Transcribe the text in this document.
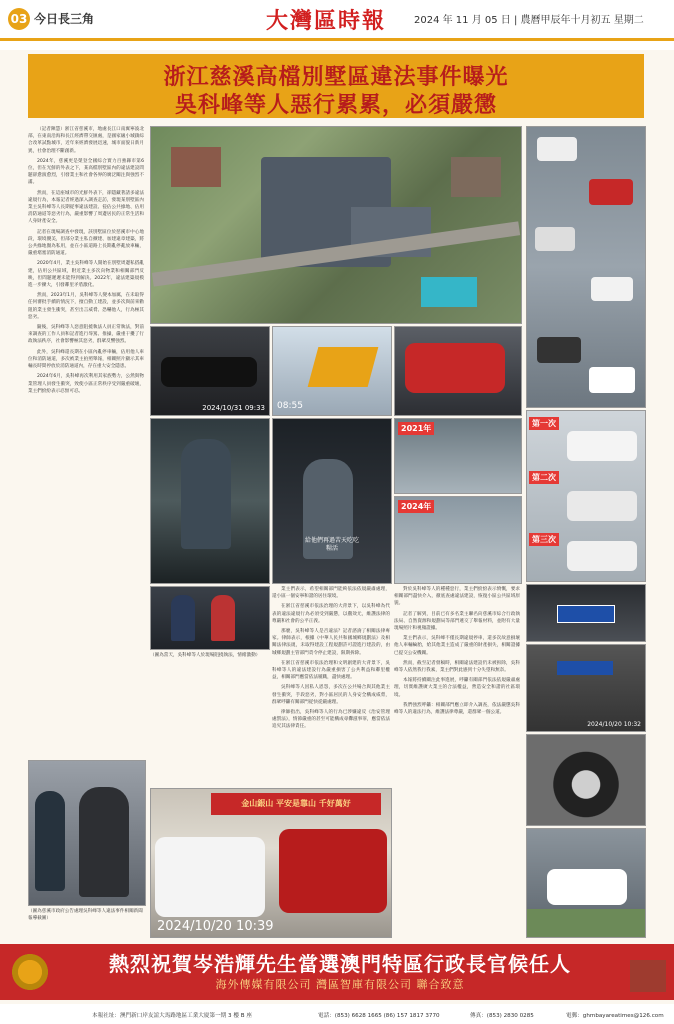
03 今日長三角	大灣區時報	2024 年 11 月 05 日 | 農曆甲辰年十月初五 星期二
浙江慈溪高檔別墅區違法事件曝光
吳科峰等人惡行累累，必須嚴懲

（記者陳慧）浙江省慈溪市，地處長江口南翼寧波北部，在東南沿海和長江經濟帶交匯處，是國家級小城鎮綜合改革試點城市，近年來經濟發展迅速，城市面貌日新月異，社會治理不斷創新。

2024年，慈溪更是榮登全國綜合實力百強縣市第6位，但在光鮮的外表之下，某高檔別墅區內的違法建設問題卻愈演愈烈，引發業主和社會各界的廣泛關注與強烈不滿。

然而，在這座城市的光鮮外表下，卻隱藏著諸多違法違規行為，本報記者經過深入調查走訪，發現某別墅區內業主吳科峰等人長期從事違法建設、侵佔公共綠地、佔用消防通道等惡劣行為，嚴重影響了周邊居民的正常生活和人身財產安全。

記者在現場調查中發現，該別墅區位於慈溪市中心地段，環境優美，但部分業主私自擴建、加建違章建築，將公共綠地圈為私用，並在小區道路上長期亂停亂放車輛，嚴重堵塞消防通道。

2020年4月，業主吳科峰等人開始在別墅周邊私搭亂建，佔用公共區域，附近業主多次向物業和相關部門反映，但問題遲遲未能得到解決。2022年，違法建築規模進一步擴大，引發鄰里矛盾激化。

然而，2023年1月，吳科峰等人變本加厲，在未取得任何審批手續的情況下，擅自動工建設，並多次與前來勸阻的業主發生衝突，甚至出言威脅、恐嚇他人，行為極其惡劣。

隨後，吳科峰等人惡意阻撓執法人員正常執法，對前來調查的工作人員和記者進行辱罵、推搡，嚴重干擾了行政執法秩序，社會影響極其惡劣，群眾反響強烈。

此外，吳科峰還長期在小區內亂停車輛，佔用他人車位和消防通道，多次被業主拍照舉報，相關照片顯示其車輛長時間停放於消防通道內，存在重大安全隱患。

2024年6月，吳科峰再次利用其家族勢力，公然與物業管理人員發生衝突，致使小區正常秩序受到嚴重破壞，業主們紛紛表示忍無可忍。

2024/10/31 09:33 08:55
給他們再過苦天吃吃
糧活
2021年
2024年
第一次
第二次
第三次
2024/10/20 10:32

業主們表示，希望相關部門能夠依法依規嚴肅處理，還小區一個安寧和諧的居住環境。

在浙江省慈溪市依法治理的大背景下，以吳科峰為代表的違法違規行為必須受到嚴懲，以儆效尤，維護法律的尊嚴和社會的公平正義。

那麼，吳科峰等人是否違法？記者諮詢了相關法律專家。律師表示，根據《中華人民共和國城鄉規劃法》及相關法律法規，未取得建設工程規劃許可證進行建設的，由城鄉規劃主管部門責令停止建設，限期拆除。

在浙江省慈溪市依法治理和文明創建的大背景下，吳科峰等人的違法建設行為嚴重損害了公共利益和鄰里權益，相關部門應當依法履職，盡快處理。

吳科峰等人因私人恩怨，多次在公共場合與其他業主發生衝突，手段惡劣，對小區居民的人身安全構成威脅，群眾呼籲有關部門從快從嚴處理。

律師指出，吳科峰等人的行為已涉嫌違反《治安管理處罰法》，情節嚴重的甚至可能構成尋釁滋事罪，應當依法追究其法律責任。

對於吳科峰等人的種種惡行，業主們紛紛表示憤慨，要求相關部門盡快介入，徹底查處違法建設，恢復小區公共區域原貌。

記者了解到，目前已有多名業主聯名向慈溪市綜合行政執法局、自然資源和規劃局等部門遞交了舉報材料，並附有大量現場照片和視頻證據。

業主們表示，吳科峰不僅長期違規停車，還多次故意損壞他人車輛輪胎，給其他業主造成了嚴重的財產損失，相關證據已提交公安機關。

然而，截至記者發稿時，相關違法建設仍未被拆除，吳科峰等人依然我行我素，業主們對此感到十分失望和無奈。

本報將持續關注此事進展，呼籲有關部門依法依規嚴肅處理，切實維護廣大業主的合法權益，營造安全和諧的社區環境。

我們強烈呼籲：相關部門應立即介入調查，依法嚴懲吳科峰等人的違法行為，維護法律尊嚴，還群眾一個公道。

（圖為當天，吳科峰等人於現場阻撓執法，情緒激動）
（圖為慈溪市政府公告處理吳科峰等人違法事件相關新聞報導截圖）
金山銀山 平安是靠山 千好萬好
2024/10/20 10:39
熱烈祝賀岑浩輝先生當選澳門特區行政長官候任人
海外傳媒有限公司 灣區智庫有限公司 聯合致意
本報社址：澳門新口岸友誼大馬路地區工業大廈第一期 3 樓 B 座	電話：(853) 6628 1665 (86) 157 1817 3770	傳真：(853) 2830 0285	電郵：ghmbayareatimes@126.com
